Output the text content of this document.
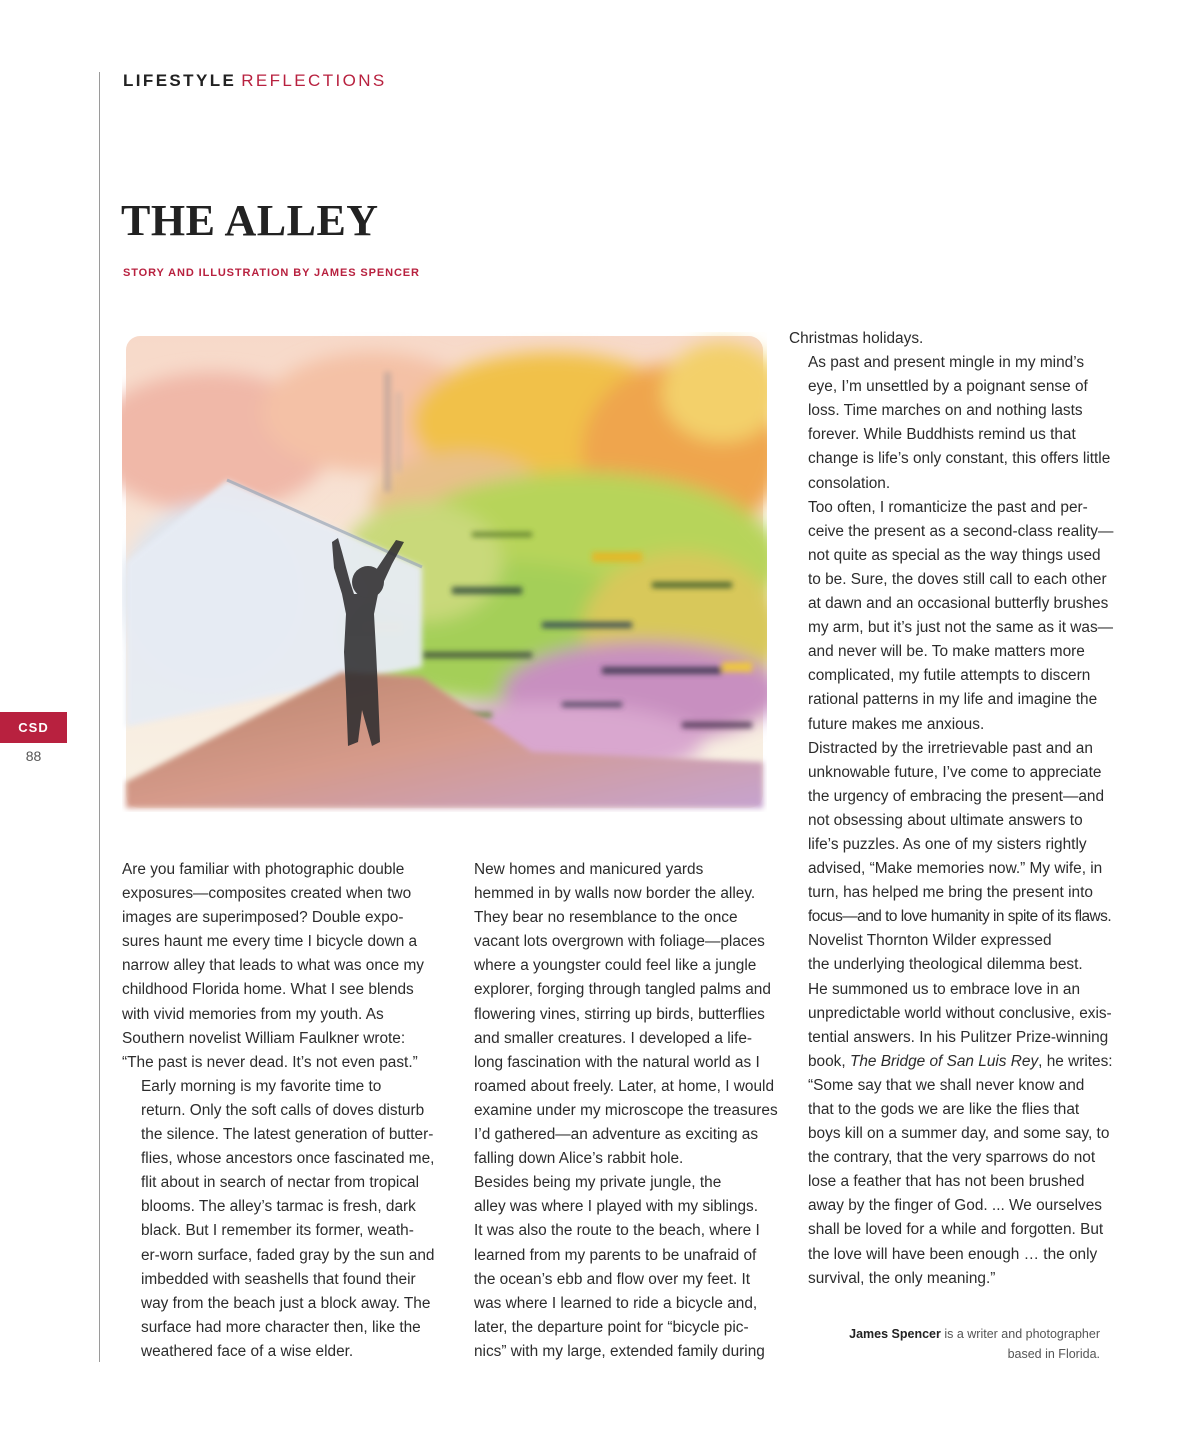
LIFESTYLE REFLECTIONS
THE ALLEY
STORY AND ILLUSTRATION BY JAMES SPENCER
CSD
88

Are you familiar with photographic double
exposures—composites created when two
images are superimposed? Double expo-
sures haunt me every time I bicycle down a
narrow alley that leads to what was once my
childhood Florida home. What I see blends
with vivid memories from my youth. As
Southern novelist William Faulkner wrote:
“The past is never dead. It’s not even past.”

Early morning is my favorite time to
return. Only the soft calls of doves disturb
the silence. The latest generation of butter-
flies, whose ancestors once fascinated me,
flit about in search of nectar from tropical
blooms. The alley’s tarmac is fresh, dark
black. But I remember its former, weath-
er-worn surface, faded gray by the sun and
imbedded with seashells that found their
way from the beach just a block away. The
surface had more character then, like the
weathered face of a wise elder.

New homes and manicured yards
hemmed in by walls now border the alley.
They bear no resemblance to the once
vacant lots overgrown with foliage—places
where a youngster could feel like a jungle
explorer, forging through tangled palms and
flowering vines, stirring up birds, butterflies
and smaller creatures. I developed a life-
long fascination with the natural world as I
roamed about freely. Later, at home, I would
examine under my microscope the treasures
I’d gathered—an adventure as exciting as
falling down Alice’s rabbit hole.

Besides being my private jungle, the
alley was where I played with my siblings.
It was also the route to the beach, where I
learned from my parents to be unafraid of
the ocean’s ebb and flow over my feet. It
was where I learned to ride a bicycle and,
later, the departure point for “bicycle pic-
nics” with my large, extended family during

Christmas holidays.

As past and present mingle in my mind’s
eye, I’m unsettled by a poignant sense of
loss. Time marches on and nothing lasts
forever. While Buddhists remind us that
change is life’s only constant, this offers little
consolation.

Too often, I romanticize the past and per-
ceive the present as a second-class reality—
not quite as special as the way things used
to be. Sure, the doves still call to each other
at dawn and an occasional butterfly brushes
my arm, but it’s just not the same as it was—
and never will be. To make matters more
complicated, my futile attempts to discern
rational patterns in my life and imagine the
future makes me anxious.

Distracted by the irretrievable past and an
unknowable future, I’ve come to appreciate
the urgency of embracing the present—and
not obsessing about ultimate answers to
life’s puzzles. As one of my sisters rightly
advised, “Make memories now.” My wife, in
turn, has helped me bring the present into
focus—and to love humanity in spite of its flaws.

Novelist Thornton Wilder expressed
the underlying theological dilemma best.
He summoned us to embrace love in an
unpredictable world without conclusive, exis-
tential answers. In his Pulitzer Prize-winning
book, The Bridge of San Luis Rey, he writes:
“Some say that we shall never know and
that to the gods we are like the flies that
boys kill on a summer day, and some say, to
the contrary, that the very sparrows do not
lose a feather that has not been brushed
away by the finger of God. ... We ourselves
shall be loved for a while and forgotten. But
the love will have been enough … the only
survival, the only meaning.”

James Spencer is a writer and photographer
based in Florida.
